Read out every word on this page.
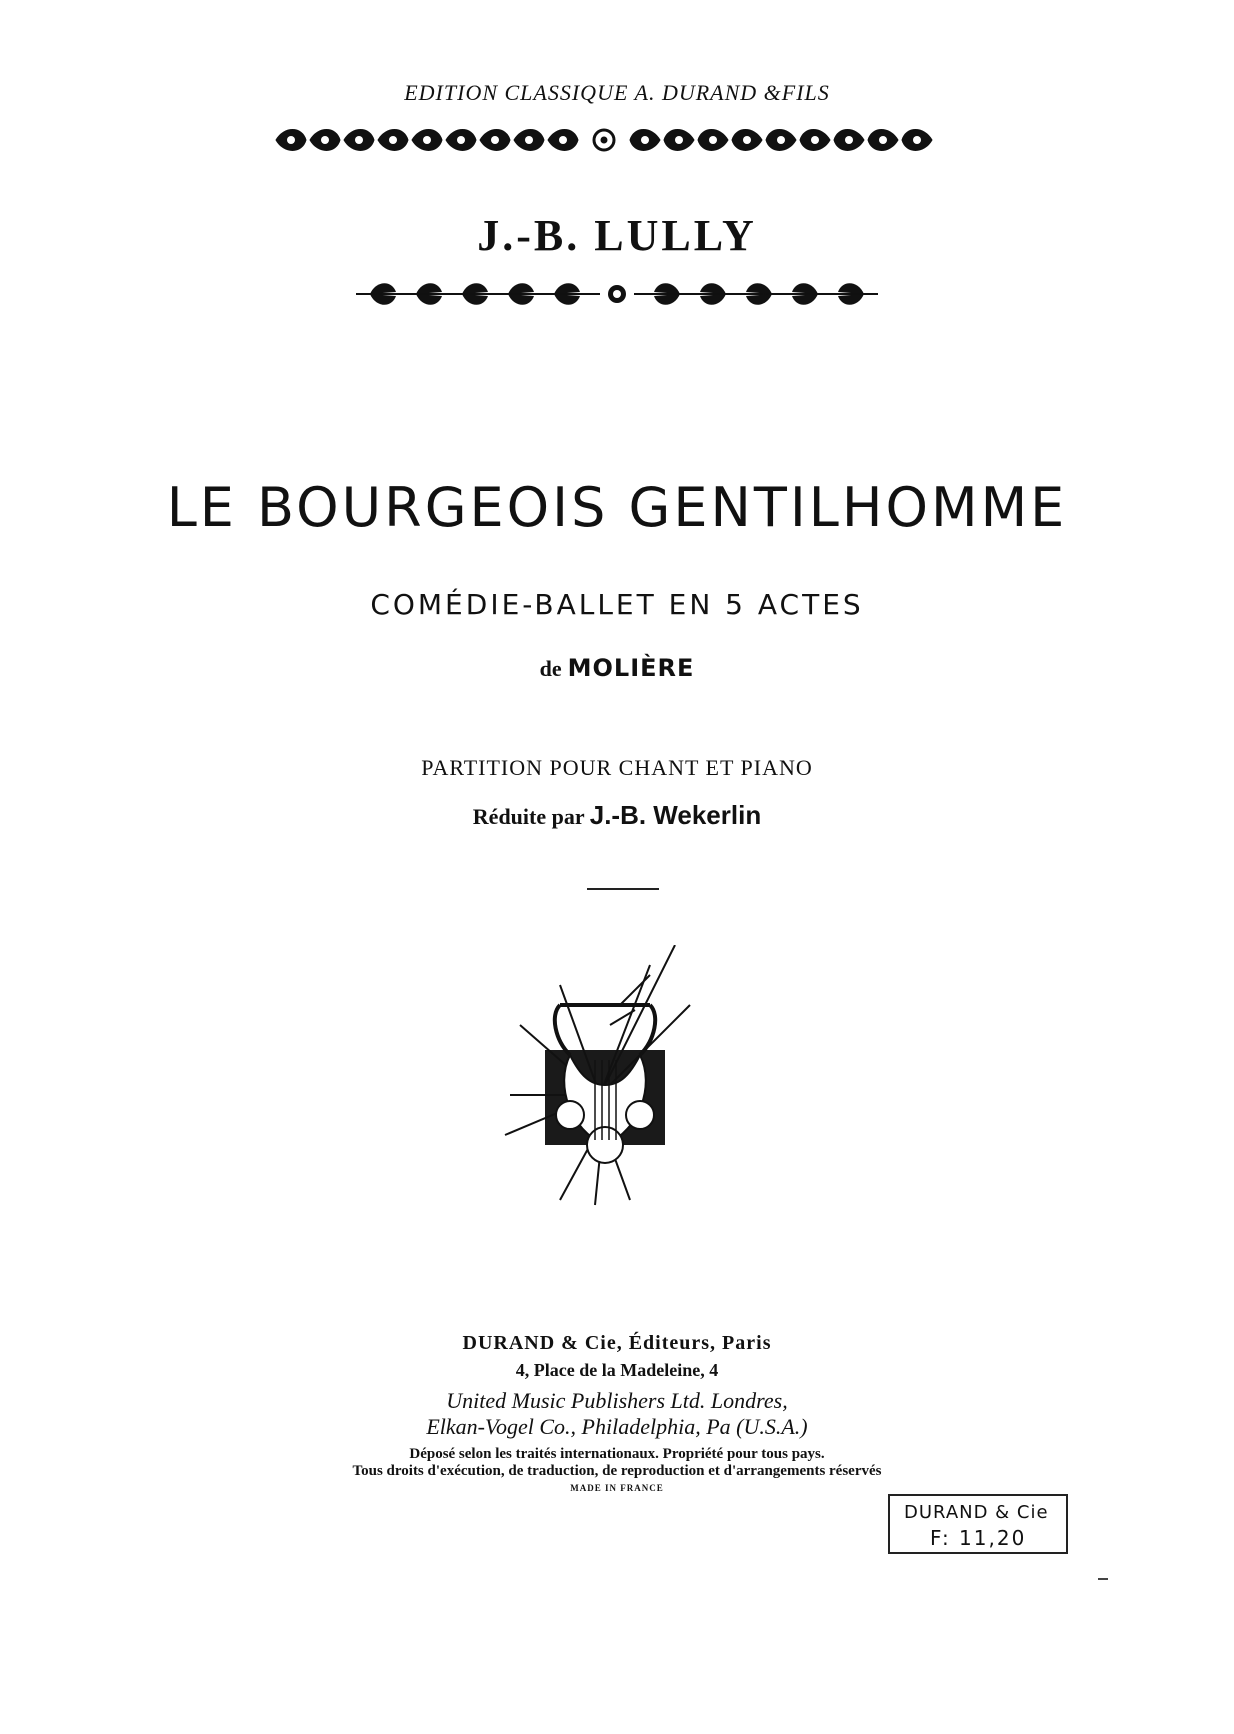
EDITION CLASSIQUE A. DURAND &FILS
J.-B. LULLY
LE BOURGEOIS GENTILHOMME
COMÉDIE-BALLET EN 5 ACTES
de MOLIÈRE
PARTITION POUR CHANT ET PIANO
Réduite par J.-B. Wekerlin
DURAND & Cie, Éditeurs, Paris
4, Place de la Madeleine, 4
United Music Publishers Ltd. Londres,
Elkan-Vogel Co., Philadelphia, Pa (U.S.A.)
Déposé selon les traités internationaux. Propriété pour tous pays.
Tous droits d'exécution, de traduction, de reproduction et d'arrangements réservés
MADE IN FRANCE
DURAND & Cie
F: 11,20
